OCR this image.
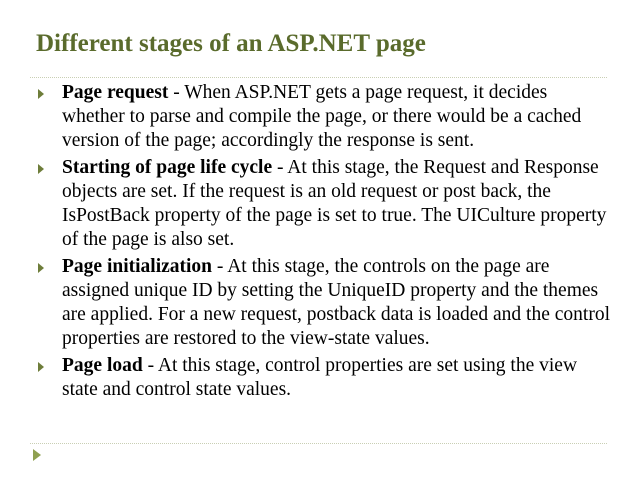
Different stages of an ASP.NET page
Page request - When ASP.NET gets a page request, it decides whether to parse and compile the page, or there would be a cached version of the page; accordingly the response is sent.
Starting of page life cycle - At this stage, the Request and Response objects are set. If the request is an old request or post back, the IsPostBack property of the page is set to true. The UICulture property of the page is also set.
Page initialization - At this stage, the controls on the page are assigned unique ID by setting the UniqueID property and the themes are applied. For a new request, postback data is loaded and the control properties are restored to the view-state values.
Page load - At this stage, control properties are set using the view state and control state values.
